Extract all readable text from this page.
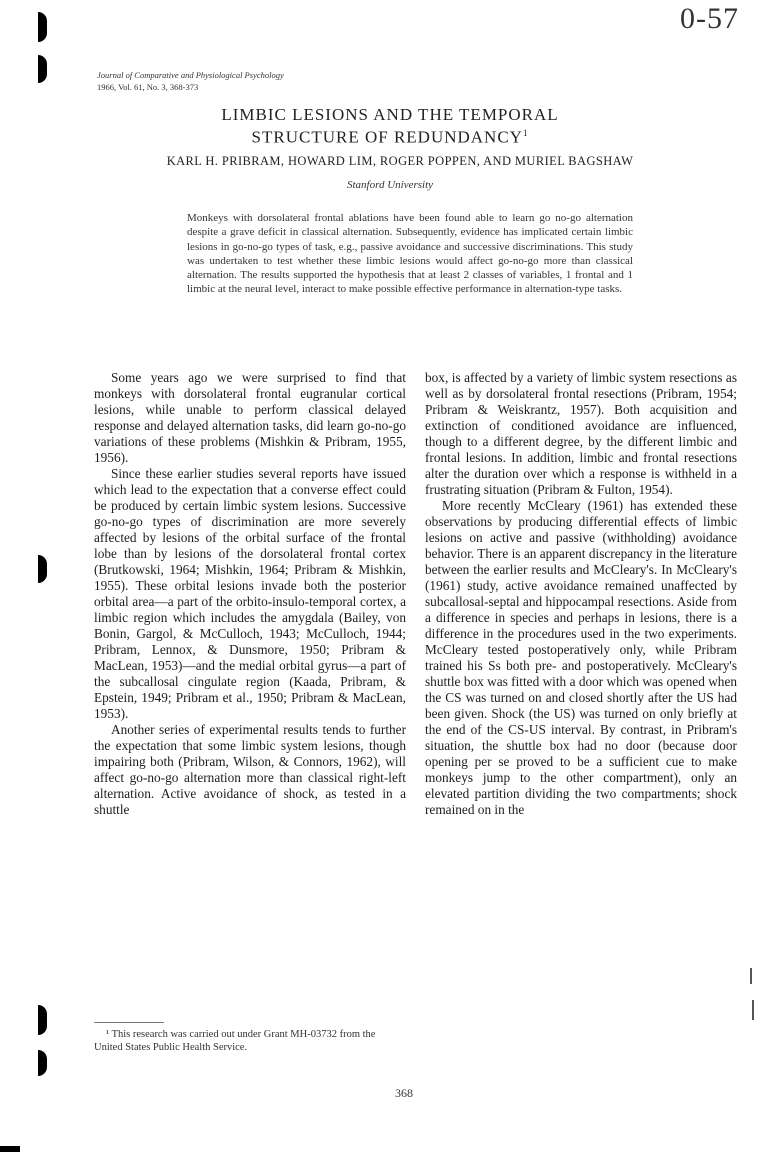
0-57
Journal of Comparative and Physiological Psychology
1966, Vol. 61, No. 3, 368-373
LIMBIC LESIONS AND THE TEMPORAL
STRUCTURE OF REDUNDANCY$^1$
KARL H. PRIBRAM, HOWARD LIM, ROGER POPPEN, AND MURIEL BAGSHAW
Stanford University
Monkeys with dorsolateral frontal ablations have been found able to learn go no-go alternation despite a grave deficit in classical alternation. Subsequently, evidence has implicated certain limbic lesions in go-no-go types of task, e.g., passive avoidance and successive discriminations. This study was undertaken to test whether these limbic lesions would affect go-no-go more than classical alternation. The results supported the hypothesis that at least 2 classes of variables, 1 frontal and 1 limbic at the neural level, interact to make possible effective performance in alternation-type tasks.

Some years ago we were surprised to find that monkeys with dorsolateral frontal eugranular cortical lesions, while unable to perform classical delayed response and delayed alternation tasks, did learn go-no-go variations of these problems (Mishkin & Pribram, 1955, 1956).

Since these earlier studies several reports have issued which lead to the expectation that a converse effect could be produced by certain limbic system lesions. Successive go-no-go types of discrimination are more severely affected by lesions of the orbital surface of the frontal lobe than by lesions of the dorsolateral frontal cortex (Brutkowski, 1964; Mishkin, 1964; Pribram & Mishkin, 1955). These orbital lesions invade both the posterior orbital area—a part of the orbito-insulo-temporal cortex, a limbic region which includes the amygdala (Bailey, von Bonin, Gargol, & McCulloch, 1943; McCulloch, 1944; Pribram, Lennox, & Dunsmore, 1950; Pribram & MacLean, 1953)—and the medial orbital gyrus—a part of the subcallosal cingulate region (Kaada, Pribram, & Epstein, 1949; Pribram et al., 1950; Pribram & MacLean, 1953).

Another series of experimental results tends to further the expectation that some limbic system lesions, though impairing both (Pribram, Wilson, & Connors, 1962), will affect go-no-go alternation more than classical right-left alternation. Active avoidance of shock, as tested in a shuttle

box, is affected by a variety of limbic system resections as well as by dorsolateral frontal resections (Pribram, 1954; Pribram & Weiskrantz, 1957). Both acquisition and extinction of conditioned avoidance are influenced, though to a different degree, by the different limbic and frontal lesions. In addition, limbic and frontal resections alter the duration over which a response is withheld in a frustrating situation (Pribram & Fulton, 1954).

More recently McCleary (1961) has extended these observations by producing differential effects of limbic lesions on active and passive (withholding) avoidance behavior. There is an apparent discrepancy in the literature between the earlier results and McCleary's. In McCleary's (1961) study, active avoidance remained unaffected by subcallosal-septal and hippocampal resections. Aside from a difference in species and perhaps in lesions, there is a difference in the procedures used in the two experiments. McCleary tested postoperatively only, while Pribram trained his Ss both pre- and postoperatively. McCleary's shuttle box was fitted with a door which was opened when the CS was turned on and closed shortly after the US had been given. Shock (the US) was turned on only briefly at the end of the CS-US interval. By contrast, in Pribram's situation, the shuttle box had no door (because door opening per se proved to be a sufficient cue to make monkeys jump to the other compartment), only an elevated partition dividing the two compartments; shock remained on in the

¹ This research was carried out under Grant MH-03732 from the United States Public Health Service.
368
